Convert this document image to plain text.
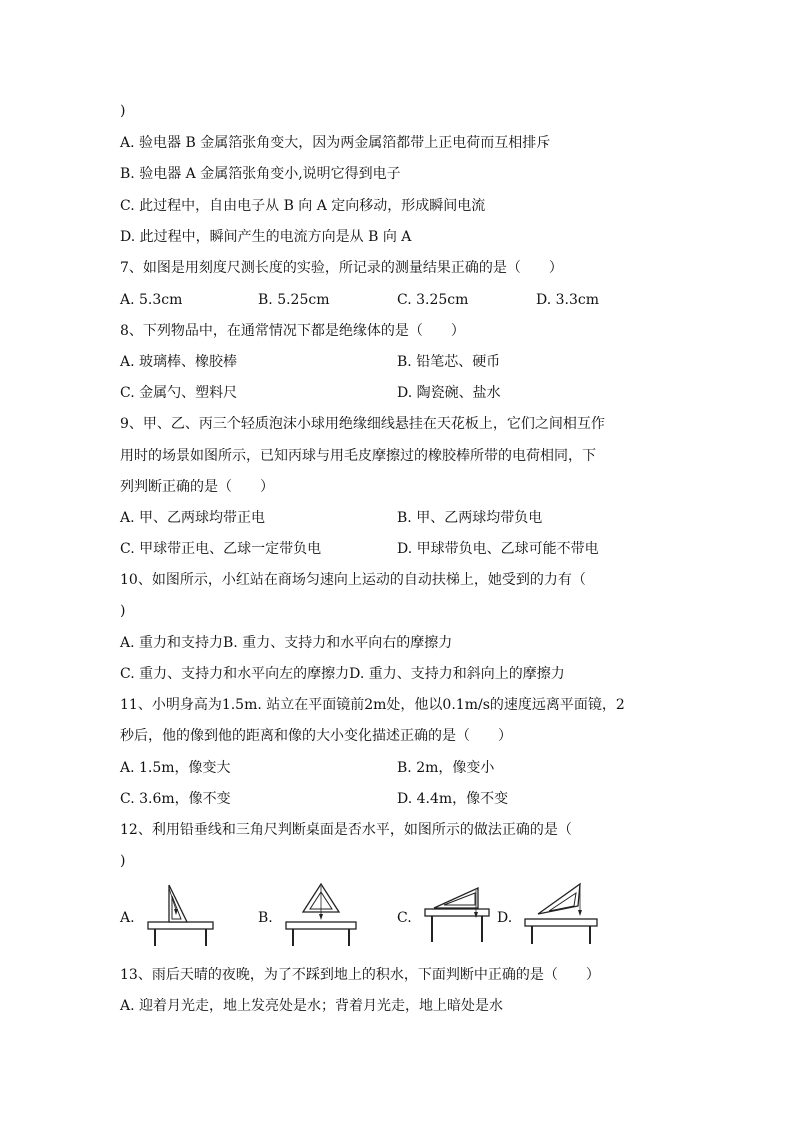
)
A. 验电器 B 金属箔张角变大，因为两金属箔都带上正电荷而互相排斥
B. 验电器 A 金属箔张角变小,说明它得到电子
C. 此过程中，自由电子从 B 向 A 定向移动，形成瞬间电流
D. 此过程中，瞬间产生的电流方向是从 B 向 A
7、如图是用刻度尺测长度的实验，所记录的测量结果正确的是（　　）
A. 5.3cm	B. 5.25cm	C. 3.25cm	D. 3.3cm
8、下列物品中，在通常情况下都是绝缘体的是（　　）
A. 玻璃棒、橡胶棒	B. 铅笔芯、硬币
C. 金属勺、塑料尺	D. 陶瓷碗、盐水
9、甲、乙、丙三个轻质泡沫小球用绝缘细线悬挂在天花板上，它们之间相互作
用时的场景如图所示，已知丙球与用毛皮摩擦过的橡胶棒所带的电荷相同，下
列判断正确的是（　　）
A. 甲、乙两球均带正电	B. 甲、乙两球均带负电
C. 甲球带正电、乙球一定带负电	D. 甲球带负电、乙球可能不带电
10、如图所示，小红站在商场匀速向上运动的自动扶梯上，她受到的力有（
)
A. 重力和支持力B. 重力、支持力和水平向右的摩擦力
C. 重力、支持力和水平向左的摩擦力D. 重力、支持力和斜向上的摩擦力
11、小明身高为1.5m. 站立在平面镜前2m处，他以0.1m/s的速度远离平面镜，2
秒后，他的像到他的距离和像的大小变化描述正确的是（　　）
A. 1.5m，像变大	B. 2m，像变小
C. 3.6m，像不变	D. 4.4m，像不变
12、利用铅垂线和三角尺判断桌面是否水平，如图所示的做法正确的是（
)
A.	B.	C.	D.
13、雨后天晴的夜晚，为了不踩到地上的积水，下面判断中正确的是（　　）
A. 迎着月光走，地上发亮处是水；背着月光走，地上暗处是水
